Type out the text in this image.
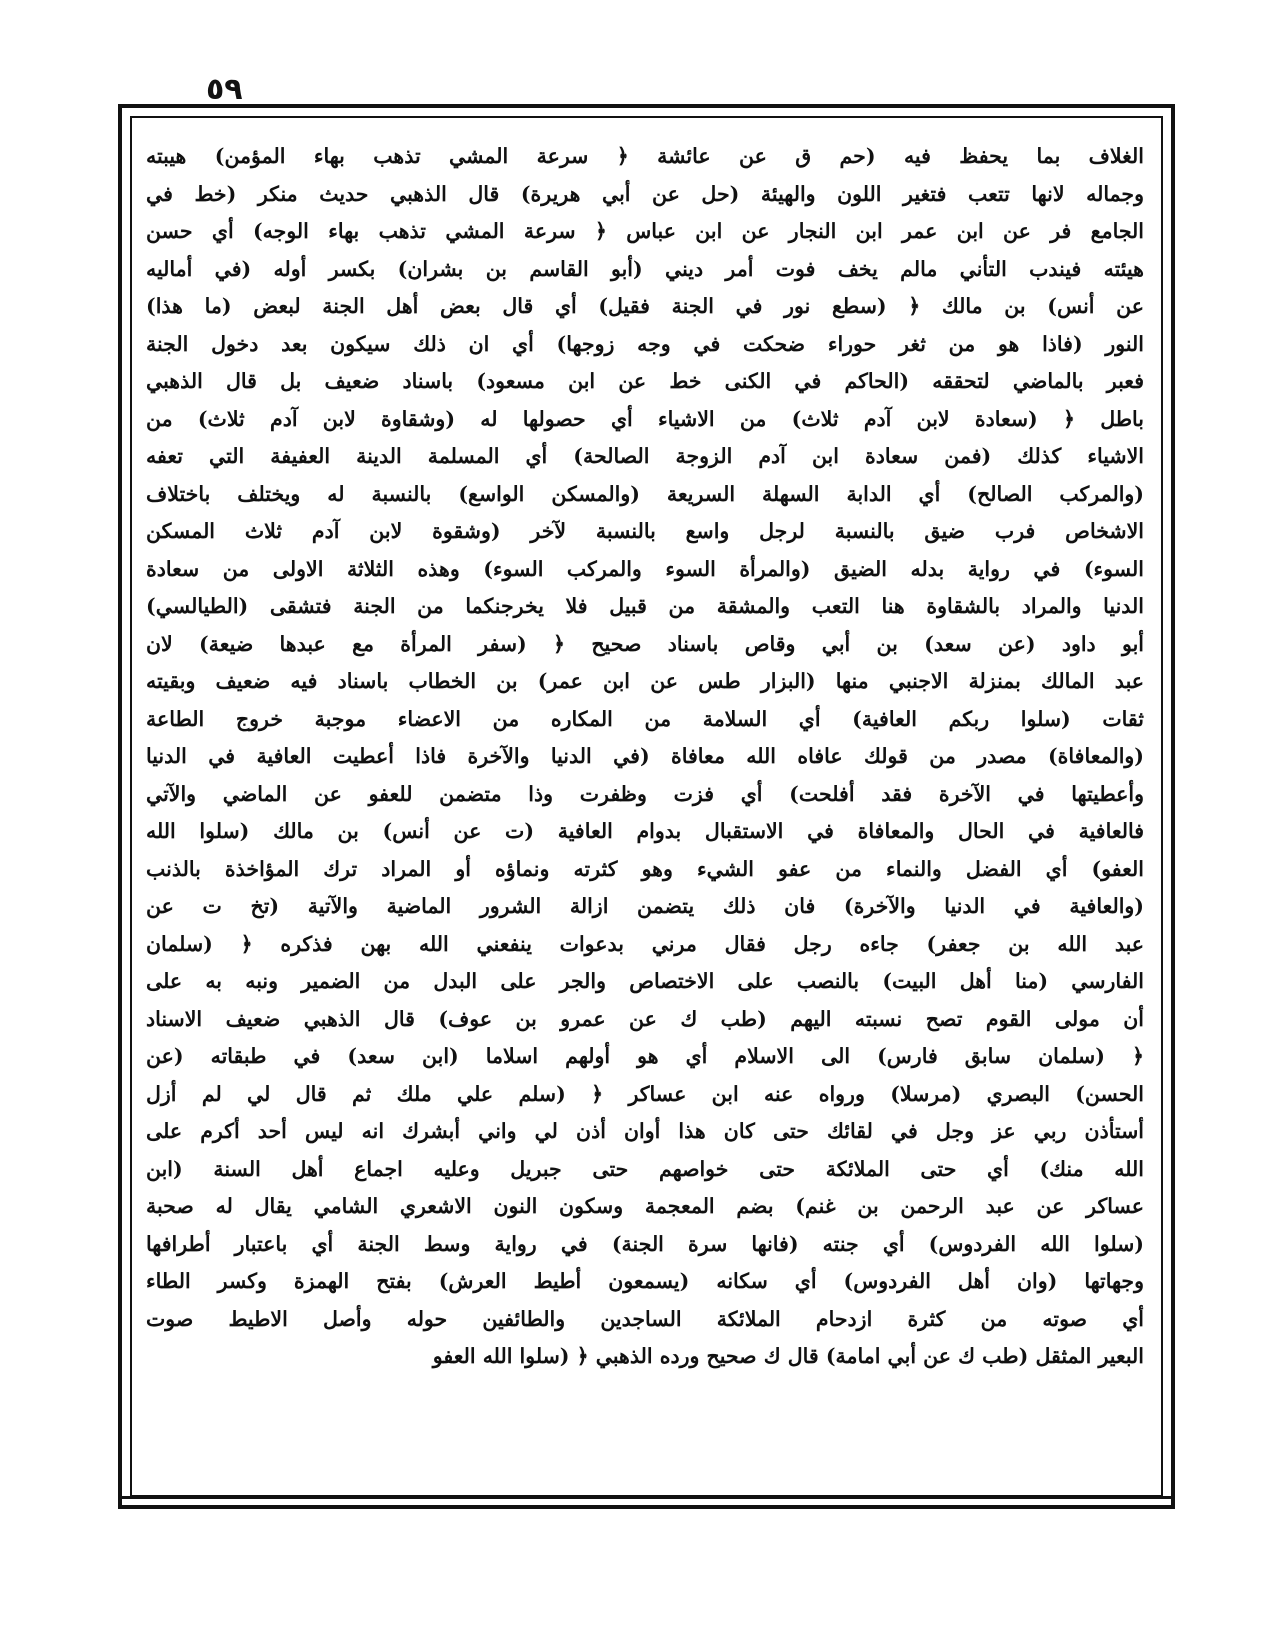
٥٩
الغلاف بما يحفظ فيه (حم ق عن عائشة ﴿ سرعة المشي تذهب بهاء المؤمن) هيبته
وجماله لانها تتعب فتغير اللون والهيئة (حل عن أبي هريرة) قال الذهبي حديث منكر (خط في
الجامع فر عن ابن عمر ابن النجار عن ابن عباس ﴿ سرعة المشي تذهب بهاء الوجه) أي حسن
هيئته فيندب التأني مالم يخف فوت أمر ديني (أبو القاسم بن بشران) بكسر أوله (في أماليه
عن أنس) بن مالك ﴿ (سطع نور في الجنة فقيل) أي قال بعض أهل الجنة لبعض (ما هذا)
النور (فاذا هو من ثغر حوراء ضحكت في وجه زوجها) أي ان ذلك سيكون بعد دخول الجنة
فعبر بالماضي لتحققه (الحاكم في الكنى خط عن ابن مسعود) باسناد ضعيف بل قال الذهبي
باطل ﴿ (سعادة لابن آدم ثلاث) من الاشياء أي حصولها له (وشقاوة لابن آدم ثلاث) من
الاشياء كذلك (فمن سعادة ابن آدم الزوجة الصالحة) أي المسلمة الدينة العفيفة التي تعفه
(والمركب الصالح) أي الدابة السهلة السريعة (والمسكن الواسع) بالنسبة له ويختلف باختلاف
الاشخاص فرب ضيق بالنسبة لرجل واسع بالنسبة لآخر (وشقوة لابن آدم ثلاث المسكن
السوء) في رواية بدله الضيق (والمرأة السوء والمركب السوء) وهذه الثلاثة الاولى من سعادة
الدنيا والمراد بالشقاوة هنا التعب والمشقة من قبيل فلا يخرجنكما من الجنة فتشقى (الطيالسي)
أبو داود (عن سعد) بن أبي وقاص باسناد صحيح ﴿ (سفر المرأة مع عبدها ضيعة) لان
عبد المالك بمنزلة الاجنبي منها (البزار طس عن ابن عمر) بن الخطاب باسناد فيه ضعيف وبقيته
ثقات (سلوا ربكم العافية) أي السلامة من المكاره من الاعضاء موجبة خروج الطاعة
(والمعافاة) مصدر من قولك عافاه الله معافاة (في الدنيا والآخرة فاذا أعطيت العافية في الدنيا
وأعطيتها في الآخرة فقد أفلحت) أي فزت وظفرت وذا متضمن للعفو عن الماضي والآتي
فالعافية في الحال والمعافاة في الاستقبال بدوام العافية (ت عن أنس) بن مالك (سلوا الله
العفو) أي الفضل والنماء من عفو الشيء وهو كثرته ونماؤه أو المراد ترك المؤاخذة بالذنب
(والعافية في الدنيا والآخرة) فان ذلك يتضمن ازالة الشرور الماضية والآتية (تخ ت عن
عبد الله بن جعفر) جاءه رجل فقال مرني بدعوات ينفعني الله بهن فذكره ﴿ (سلمان
الفارسي (منا أهل البيت) بالنصب على الاختصاص والجر على البدل من الضمير ونبه به على
أن مولى القوم تصح نسبته اليهم (طب ك عن عمرو بن عوف) قال الذهبي ضعيف الاسناد
﴿ (سلمان سابق فارس) الى الاسلام أي هو أولهم اسلاما (ابن سعد) في طبقاته (عن
الحسن) البصري (مرسلا) ورواه عنه ابن عساكر ﴿ (سلم علي ملك ثم قال لي لم أزل
أستأذن ربي عز وجل في لقائك حتى كان هذا أوان أذن لي واني أبشرك انه ليس أحد أكرم على
الله منك) أي حتى الملائكة حتى خواصهم حتى جبريل وعليه اجماع أهل السنة (ابن
عساكر عن عبد الرحمن بن غنم) بضم المعجمة وسكون النون الاشعري الشامي يقال له صحبة
(سلوا الله الفردوس) أي جنته (فانها سرة الجنة) في رواية وسط الجنة أي باعتبار أطرافها
وجهاتها (وان أهل الفردوس) أي سكانه (يسمعون أطيط العرش) بفتح الهمزة وكسر الطاء
أي صوته من كثرة ازدحام الملائكة الساجدين والطائفين حوله وأصل الاطيط صوت
البعير المثقل (طب ك عن أبي امامة) قال ك صحيح ورده الذهبي ﴿ (سلوا الله العفو
